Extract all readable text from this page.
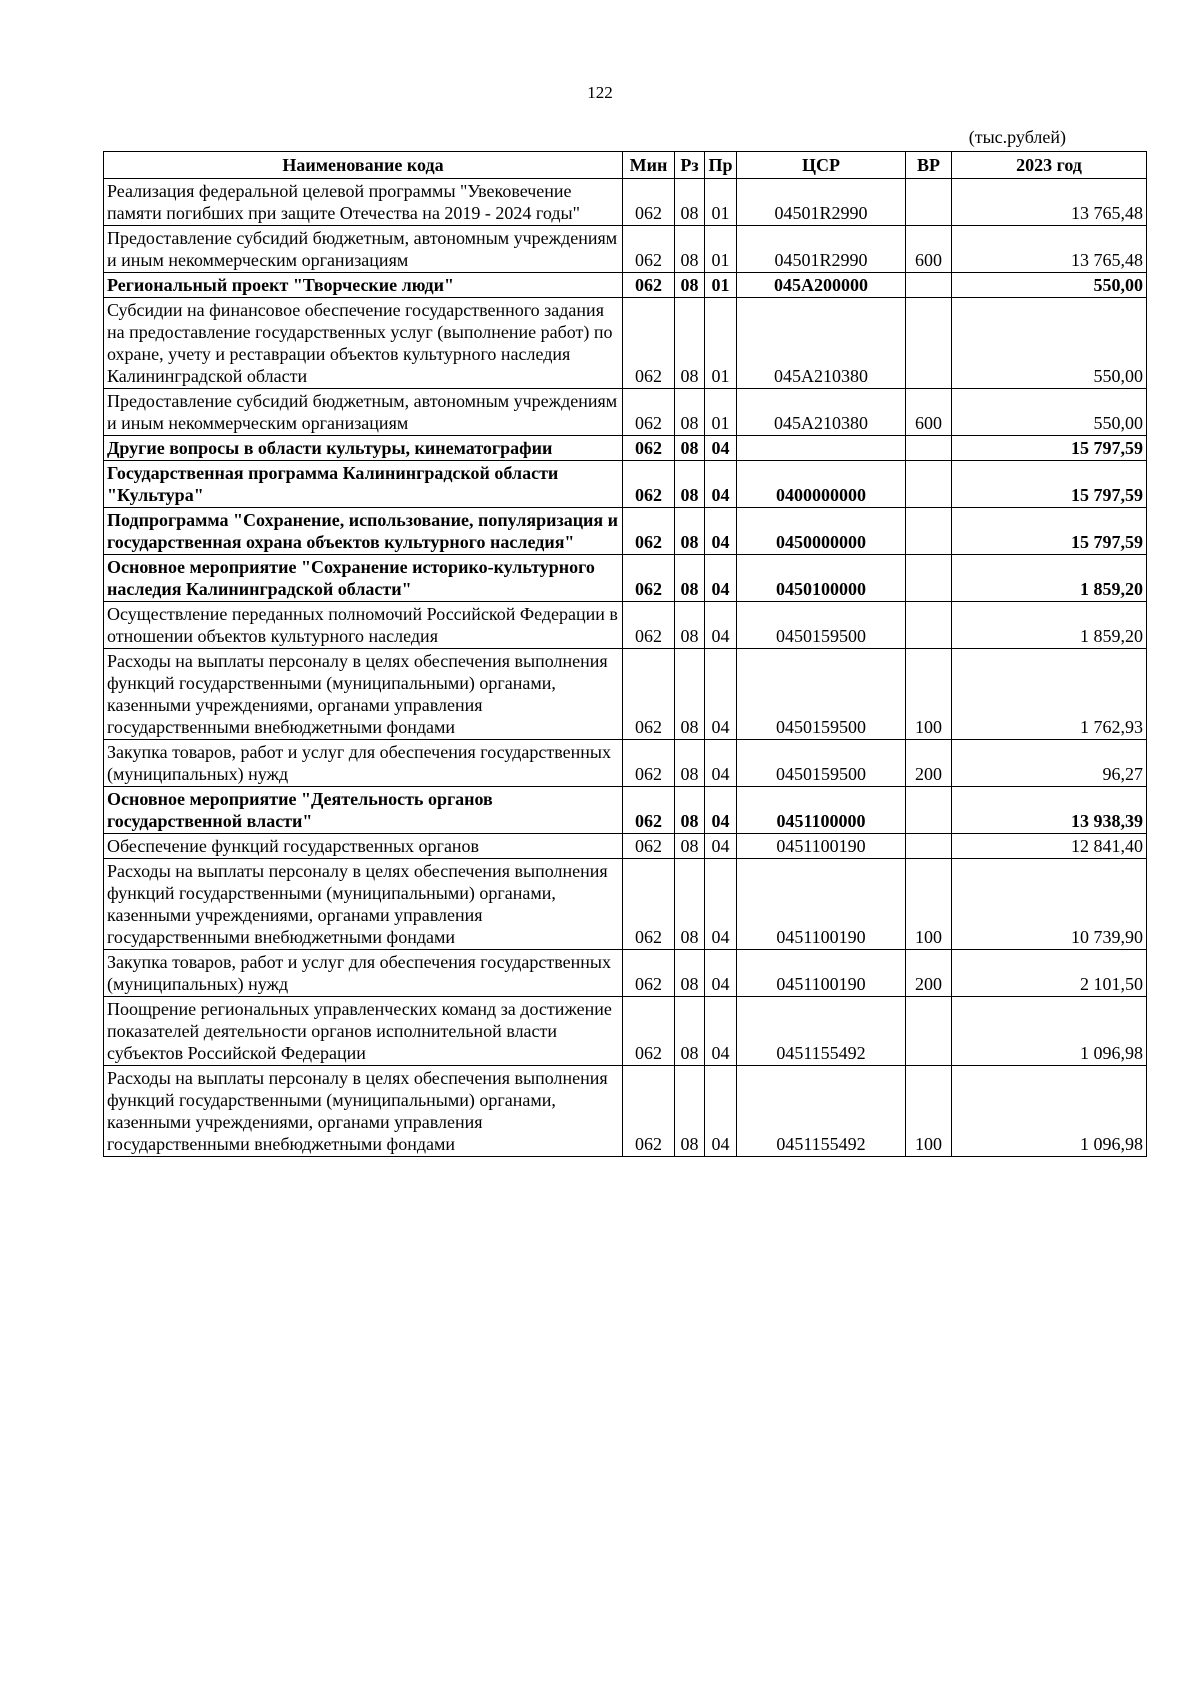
122
(тыс.рублей)
Наименование кода	Мин	Рз	Пр	ЦСР	ВР	2023 год
Реализация федеральной целевой программы "Увековечение памяти погибших при защите Отечества на 2019 - 2024 годы"	062	08	01	04501R2990		13 765,48
Предоставление субсидий бюджетным, автономным учреждениям и иным некоммерческим организациям	062	08	01	04501R2990	600	13 765,48
Региональный проект "Творческие люди"	062	08	01	045A200000		550,00
Субсидии на финансовое обеспечение государственного задания на предоставление государственных услуг (выполнение работ) по охране, учету и реставрации объектов культурного наследия Калининградской области	062	08	01	045A210380		550,00
Предоставление субсидий бюджетным, автономным учреждениям и иным некоммерческим организациям	062	08	01	045A210380	600	550,00
Другие вопросы в области культуры, кинематографии	062	08	04			15 797,59
Государственная программа Калининградской области "Культура"	062	08	04	0400000000		15 797,59
Подпрограмма "Сохранение, использование, популяризация и государственная охрана объектов культурного наследия"	062	08	04	0450000000		15 797,59
Основное мероприятие "Сохранение историко-культурного наследия Калининградской области"	062	08	04	0450100000		1 859,20
Осуществление переданных полномочий Российской Федерации в отношении объектов культурного наследия	062	08	04	0450159500		1 859,20
Расходы на выплаты персоналу в целях обеспечения выполнения функций государственными (муниципальными) органами, казенными учреждениями, органами управления государственными внебюджетными фондами	062	08	04	0450159500	100	1 762,93
Закупка товаров, работ и услуг для обеспечения государственных (муниципальных) нужд	062	08	04	0450159500	200	96,27
Основное мероприятие "Деятельность органов государственной власти"	062	08	04	0451100000		13 938,39
Обеспечение функций государственных органов	062	08	04	0451100190		12 841,40
Расходы на выплаты персоналу в целях обеспечения выполнения функций государственными (муниципальными) органами, казенными учреждениями, органами управления государственными внебюджетными фондами	062	08	04	0451100190	100	10 739,90
Закупка товаров, работ и услуг для обеспечения государственных (муниципальных) нужд	062	08	04	0451100190	200	2 101,50
Поощрение региональных управленческих команд за достижение показателей деятельности органов исполнительной власти субъектов Российской Федерации	062	08	04	0451155492		1 096,98
Расходы на выплаты персоналу в целях обеспечения выполнения функций государственными (муниципальными) органами, казенными учреждениями, органами управления государственными внебюджетными фондами	062	08	04	0451155492	100	1 096,98
